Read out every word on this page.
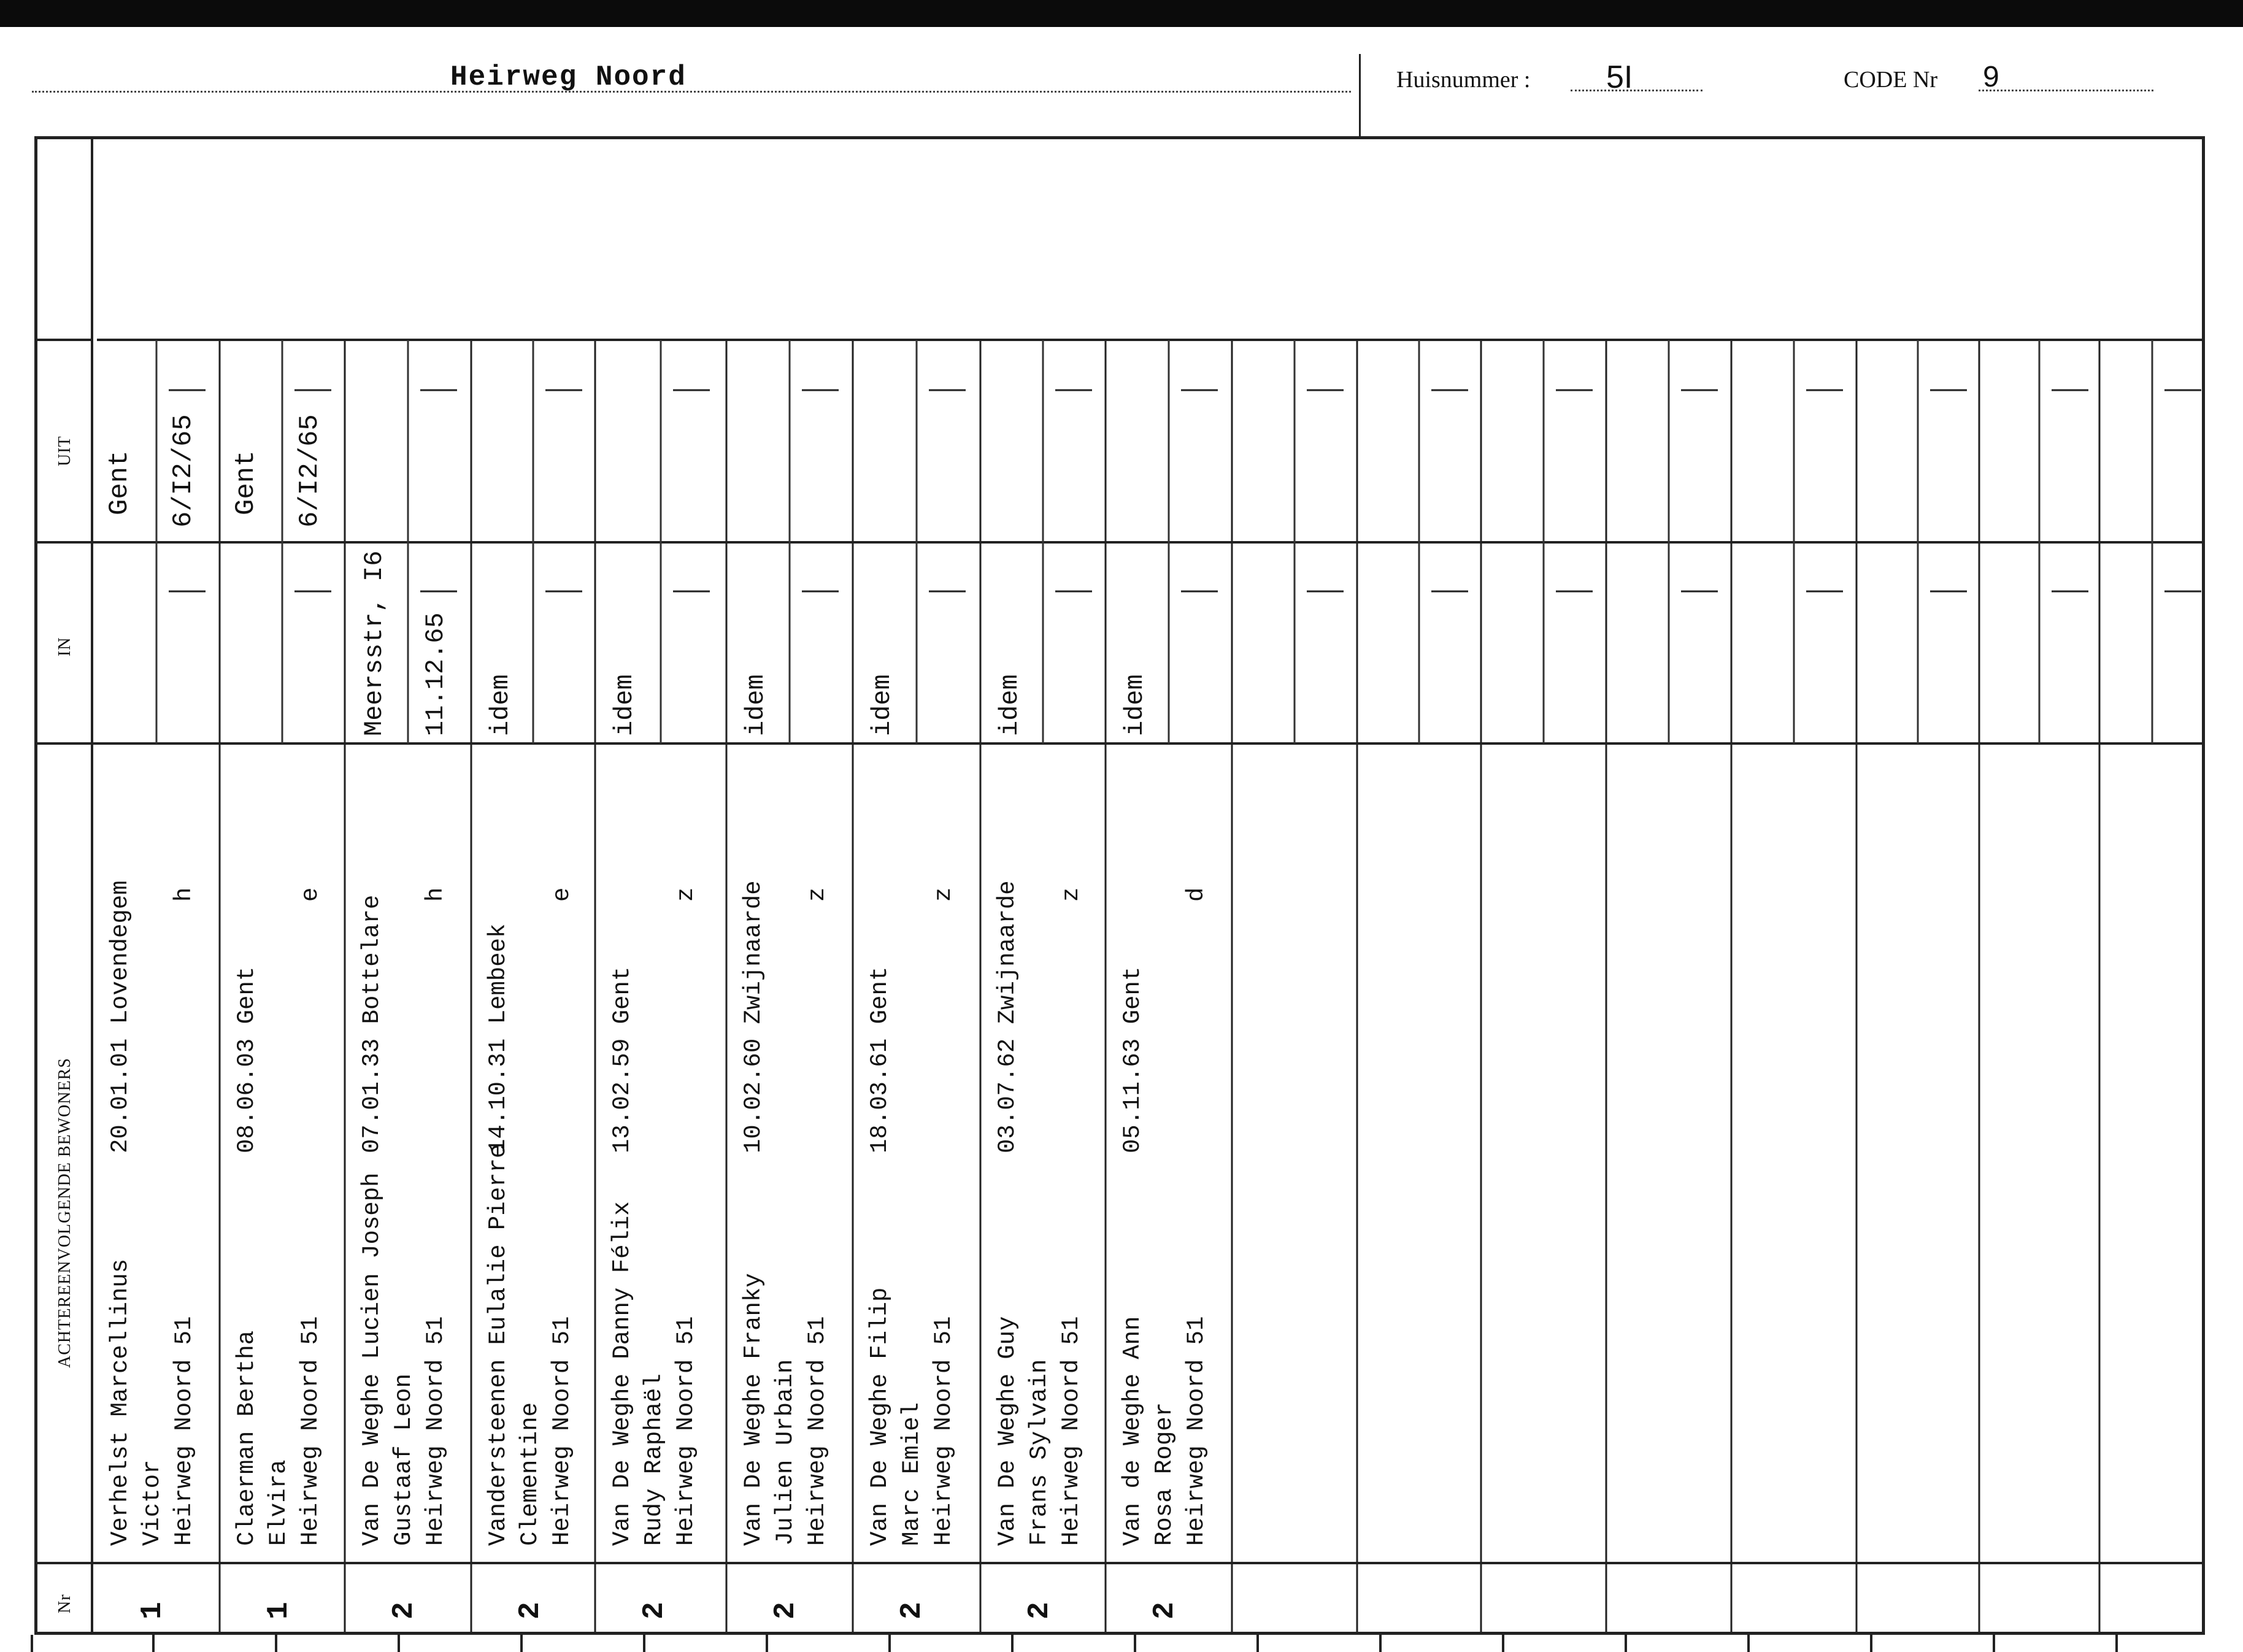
Heirweg Noord	Huisnummer : 5I	CODE Nr 9
ACHTEREENVOLGENDE BEWONERS
IN
UIT
Nr
Verhelst Marcellinus Victor Heirweg Noord 51
20.01.01 Lovendegem h
1
Gent 6/I2/65
Claerman Bertha Elvira Heirweg Noord 51
08.06.03 Gent
e
1
Gent 6/I2/65
Van De Weghe Lucien Joseph Gustaaf Leon Heirweg Noord 51
07.01.33 Bottelare
h
2
Meersstr, I6 11.12.65
Vandersteenen Eulalie Pierre Clementine Heirweg Noord 51
14.10.31 Lembeek
e
2
idem
Van De Weghe Danny Félix Rudy Raphaël Heirweg Noord 51
13.02.59 Gent
z
2
idem
Van De Weghe Franky Julien Urbain Heirweg Noord 51
10.02.60 Zwijnaarde z
2
idem
Van De Weghe Filip Marc Emiel Heirweg Noord 51
18.03.61 Gent
z
2
idem
Van De Weghe Guy Frans Sylvain Heirweg Noord 51
03.07.62 Zwijnaarde z
2
idem
Van de Weghe Ann Rosa Roger Heirweg Noord 51
05.11.63 Gent
d
2
idem
